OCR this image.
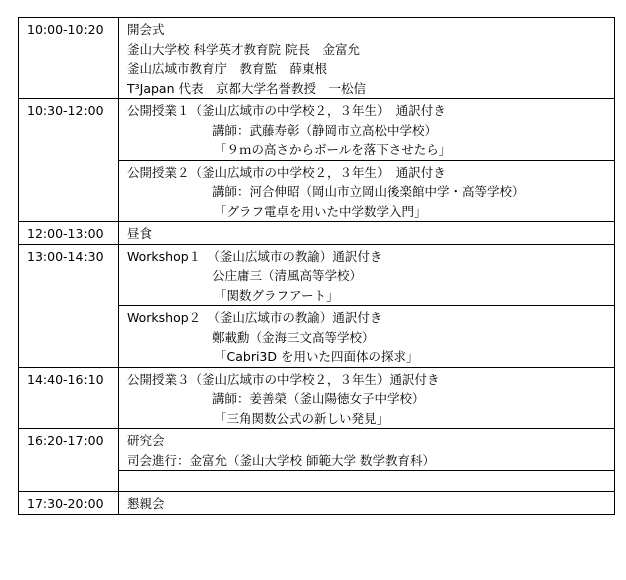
10:00-10:20	開会式
釜山大学校 科学英才教育院 院長　金富允
釜山広域市教育庁　教育監　薛東根
T³Japan 代表　京都大学名誉教授　一松信

10:30-12:00	公開授業１（釜山広域市の中学校２，３年生）　通訳付き
講師：武藤寿彰（静岡市立高松中学校）
「９ｍの高さからボールを落下させたら」

	公開授業２（釜山広域市の中学校２，３年生）　通訳付き
講師：河合伸昭（岡山市立岡山後楽館中学・高等学校）
「グラフ電卓を用いた中学数学入門」

12:00-13:00	昼食

13:00-14:30	Workshop１　（釜山広域市の教諭）通訳付き
公庄庸三（清風高等学校）
「関数グラフアート」

	Workshop２　（釜山広域市の教諭）通訳付き
鄭載勳（金海三文高等学校）
「Cabri3D を用いた四面体の探求」

14:40-16:10	公開授業３（釜山広域市の中学校２，３年生）通訳付き
講師：姜善榮（釜山陽徳女子中学校）
「三角関数公式の新しい発見」

16:20-17:00	研究会
司会進行：金富允（釜山大学校 師範大学 数学教育科）

17:30-20:00	懇親会
